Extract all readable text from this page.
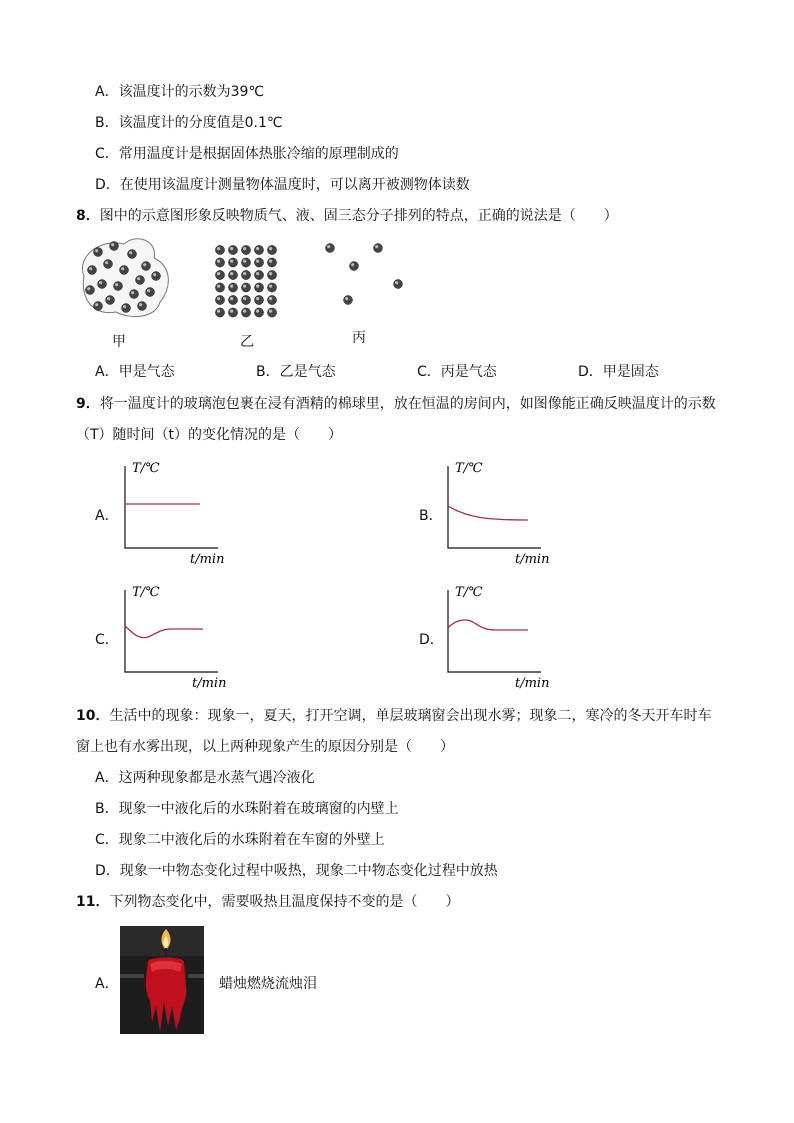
A．该温度计的示数为39℃
B．该温度计的分度值是0.1℃
C．常用温度计是根据固体热胀冷缩的原理制成的
D．在使用该温度计测量物体温度时，可以离开被测物体读数
8．图中的示意图形象反映物质气、液、固三态分子排列的特点，正确的说法是（　　）
甲	乙	丙
A．甲是气态	B．乙是气态	C．丙是气态	D．甲是固态
9．将一温度计的玻璃泡包裹在浸有酒精的棉球里，放在恒温的房间内，如图像能正确反映温度计的示数
（T）随时间（t）的变化情况的是（　　）
A．
T/℃
t/min
B．
T/℃
t/min
C．
T/℃
t/min
D．
T/℃
t/min
10．生活中的现象：现象一，夏天，打开空调，单层玻璃窗会出现水雾；现象二，寒冷的冬天开车时车
窗上也有水雾出现，以上两种现象产生的原因分别是（　　）
A．这两种现象都是水蒸气遇冷液化
B．现象一中液化后的水珠附着在玻璃窗的内壁上
C．现象二中液化后的水珠附着在车窗的外壁上
D．现象一中物态变化过程中吸热，现象二中物态变化过程中放热
11．下列物态变化中，需要吸热且温度保持不变的是（　　）
A．	蜡烛燃烧流烛泪
